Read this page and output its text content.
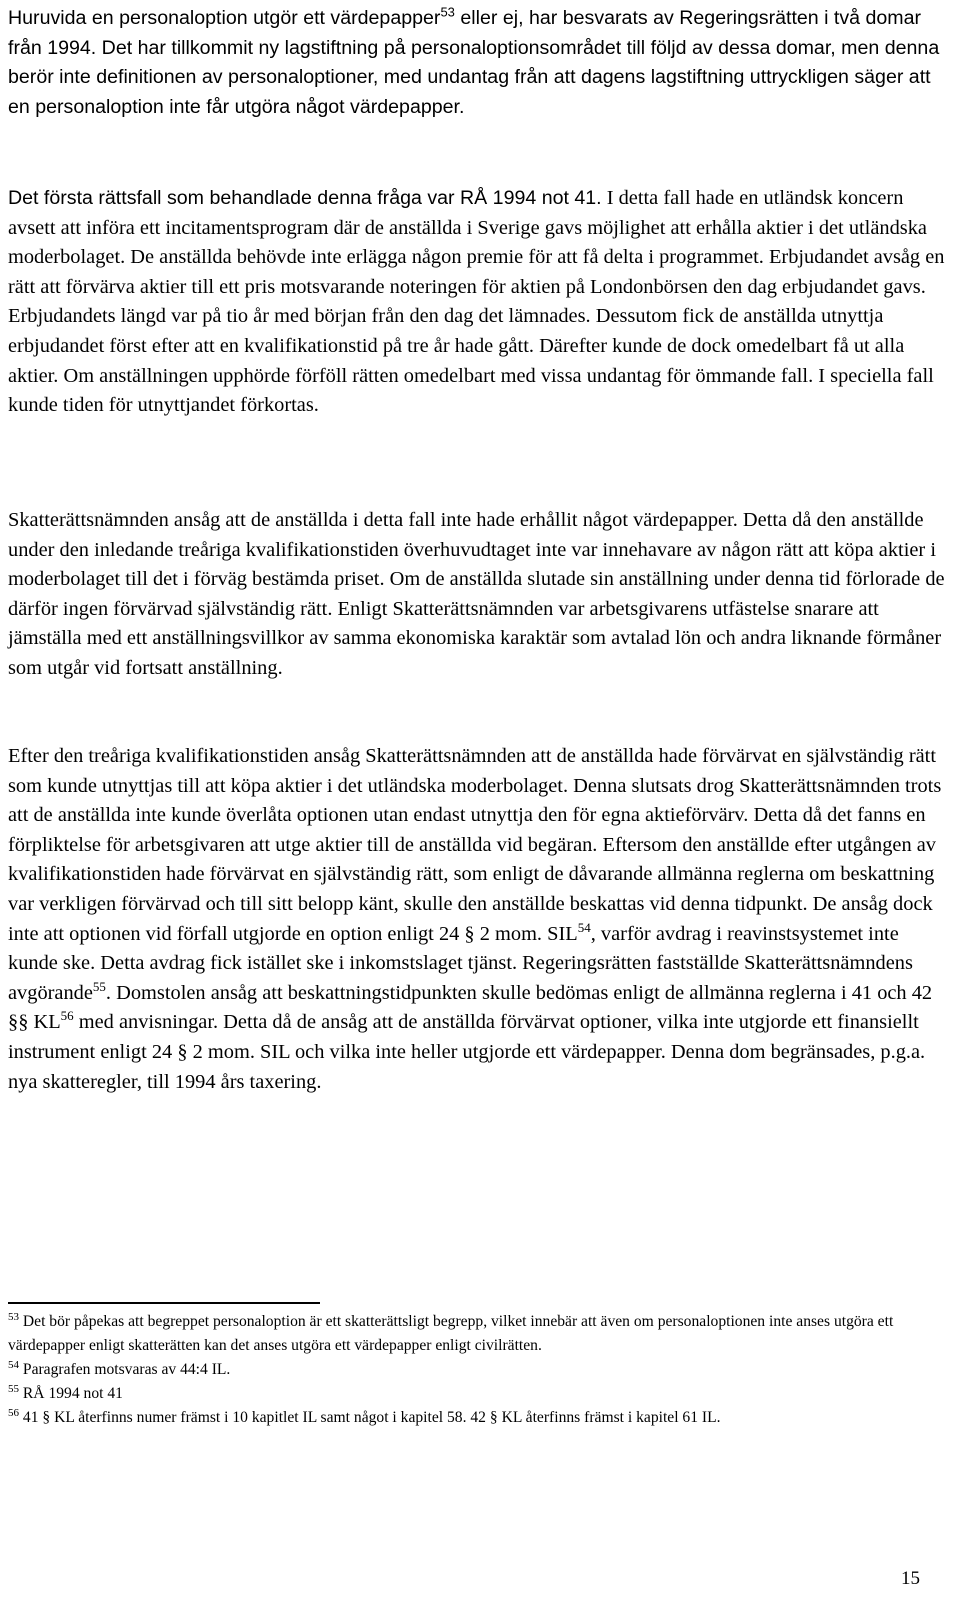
Huruvida en personaloption utgör ett värdepapper$^{53}$ eller ej, har besvarats av Regeringsrätten i två domar från 1994. Det har tillkommit ny lagstiftning på personaloptionsområdet till följd av dessa domar, men denna berör inte definitionen av personaloptioner, med undantag från att dagens lagstiftning uttryckligen säger att en personaloption inte får utgöra något värdepapper.

Det första rättsfall som behandlade denna fråga var RÅ 1994 not 41. I detta fall hade en utländsk koncern avsett att införa ett incitamentsprogram där de anställda i Sverige gavs möjlighet att erhålla aktier i det utländska moderbolaget. De anställda behövde inte erlägga någon premie för att få delta i programmet. Erbjudandet avsåg en rätt att förvärva aktier till ett pris motsvarande noteringen för aktien på Londonbörsen den dag erbjudandet gavs. Erbjudandets längd var på tio år med början från den dag det lämnades. Dessutom fick de anställda utnyttja erbjudandet först efter att en kvalifikationstid på tre år hade gått. Därefter kunde de dock omedelbart få ut alla aktier. Om anställningen upphörde förföll rätten omedelbart med vissa undantag för ömmande fall. I speciella fall kunde tiden för utnyttjandet förkortas.

Skatterättsnämnden ansåg att de anställda i detta fall inte hade erhållit något värdepapper. Detta då den anställde under den inledande treåriga kvalifikationstiden överhuvudtaget inte var innehavare av någon rätt att köpa aktier i moderbolaget till det i förväg bestämda priset. Om de anställda slutade sin anställning under denna tid förlorade de därför ingen förvärvad självständig rätt. Enligt Skatterättsnämnden var arbetsgivarens utfästelse snarare att jämställa med ett anställningsvillkor av samma ekonomiska karaktär som avtalad lön och andra liknande förmåner som utgår vid fortsatt anställning.

Efter den treåriga kvalifikationstiden ansåg Skatterättsnämnden att de anställda hade förvärvat en självständig rätt som kunde utnyttjas till att köpa aktier i det utländska moderbolaget. Denna slutsats drog Skatterättsnämnden trots att de anställda inte kunde överlåta optionen utan endast utnyttja den för egna aktieförvärv. Detta då det fanns en förpliktelse för arbetsgivaren att utge aktier till de anställda vid begäran. Eftersom den anställde efter utgången av kvalifikationstiden hade förvärvat en självständig rätt, som enligt de dåvarande allmänna reglerna om beskattning var verkligen förvärvad och till sitt belopp känt, skulle den anställde beskattas vid denna tidpunkt. De ansåg dock inte att optionen vid förfall utgjorde en option enligt 24 § 2 mom. SIL$^{54}$, varför avdrag i reavinstsystemet inte kunde ske. Detta avdrag fick istället ske i inkomstslaget tjänst. Regeringsrätten fastställde Skatterättsnämndens avgörande$^{55}$. Domstolen ansåg att beskattningstidpunkten skulle bedömas enligt de allmänna reglerna i 41 och 42 §§ KL$^{56}$ med anvisningar. Detta då de ansåg att de anställda förvärvat optioner, vilka inte utgjorde ett finansiellt instrument enligt 24 § 2 mom. SIL och vilka inte heller utgjorde ett värdepapper. Denna dom begränsades, p.g.a. nya skatteregler, till 1994 års taxering.

$^{53}$ Det bör påpekas att begreppet personaloption är ett skatterättsligt begrepp, vilket innebär att även om personaloptionen inte anses utgöra ett värdepapper enligt skatterätten kan det anses utgöra ett värdepapper enligt civilrätten.

$^{54}$ Paragrafen motsvaras av 44:4 IL.

$^{55}$ RÅ 1994 not 41

$^{56}$ 41 § KL återfinns numer främst i 10 kapitlet IL samt något i kapitel 58. 42 § KL återfinns främst i kapitel 61 IL.

15
